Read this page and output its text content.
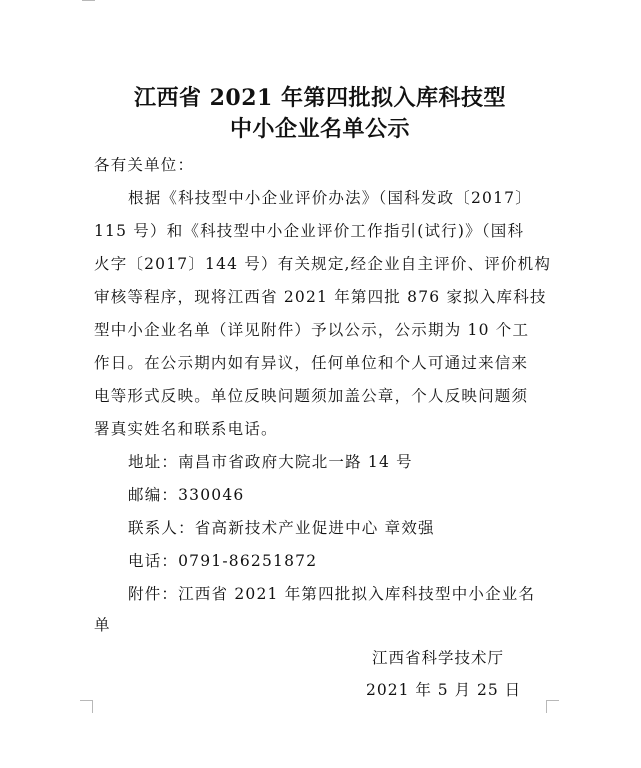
江西省 2021 年第四批拟入库科技型
中小企业名单公示
各有关单位：
根据《科技型中小企业评价办法》（国科发政〔2017〕
115 号）和《科技型中小企业评价工作指引(试行)》（国科
火字〔2017〕144 号）有关规定,经企业自主评价、评价机构
审核等程序，现将江西省 2021 年第四批 876 家拟入库科技
型中小企业名单（详见附件）予以公示，公示期为 10 个工
作日。在公示期内如有异议，任何单位和个人可通过来信来
电等形式反映。单位反映问题须加盖公章，个人反映问题须
署真实姓名和联系电话。
地址：南昌市省政府大院北一路 14 号
邮编：330046
联系人：省高新技术产业促进中心 章效强
电话：0791-86251872
附件：江西省 2021 年第四批拟入库科技型中小企业名
单
江西省科学技术厅
2021 年 5 月 25 日
